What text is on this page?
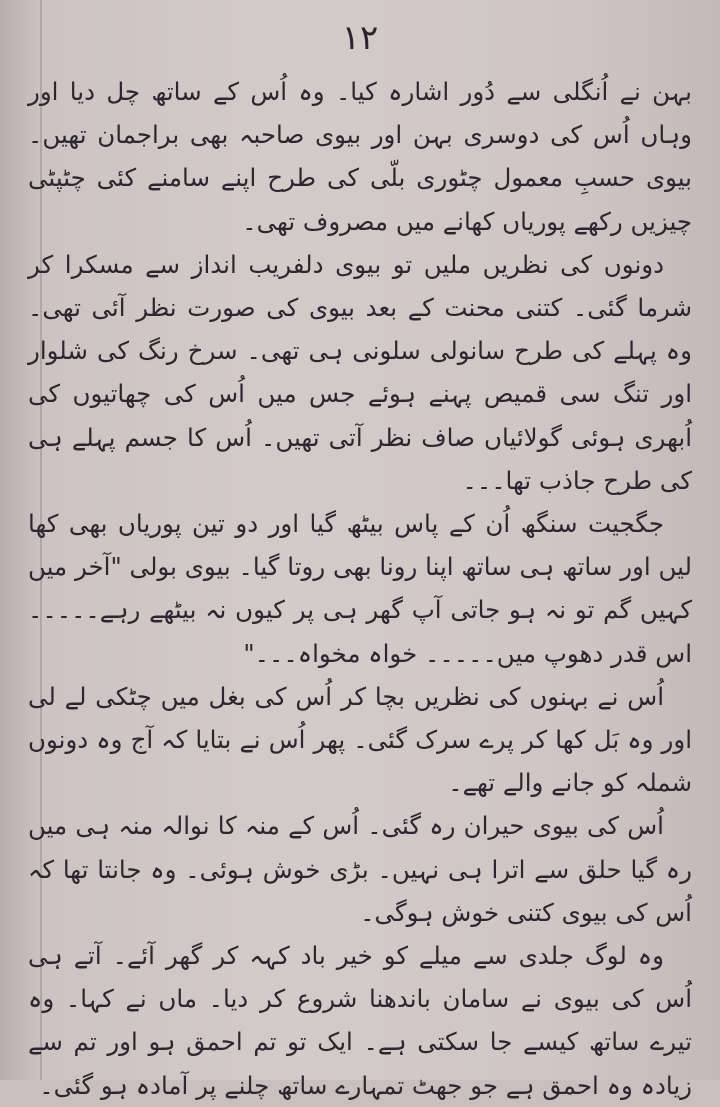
۱۲

بہن نے اُنگلی سے دُور اشارہ کیا۔ وہ اُس کے ساتھ چل دیا اور وہاں اُس کی دوسری بہن اور بیوی صاحبہ بھی براجمان تھیں۔ بیوی حسبِ معمول چٹوری بلّی کی طرح اپنے سامنے کئی چٹپٹی چیزیں رکھے پوریاں کھانے میں مصروف تھی۔

دونوں کی نظریں ملیں تو بیوی دلفریب انداز سے مسکرا کر شرما گئی۔ کتنی محنت کے بعد بیوی کی صورت نظر آئی تھی۔ وہ پہلے کی طرح سانولی سلونی ہی تھی۔ سرخ رنگ کی شلوار اور تنگ سی قمیص پہنے ہوئے جس میں اُس کی چھاتیوں کی اُبھری ہوئی گولائیاں صاف نظر آتی تھیں۔ اُس کا جسم پہلے ہی کی طرح جاذب تھا۔۔۔

جگجیت سنگھ اُن کے پاس بیٹھ گیا اور دو تین پوریاں بھی کھا لیں اور ساتھ ہی ساتھ اپنا رونا بھی روتا گیا۔ بیوی بولی "آخر میں کہیں گم تو نہ ہو جاتی آپ گھر ہی پر کیوں نہ بیٹھے رہے۔۔۔۔۔ اس قدر دھوپ میں۔۔۔۔۔ خواہ مخواہ۔۔۔"

اُس نے بہنوں کی نظریں بچا کر اُس کی بغل میں چٹکی لے لی اور وہ بَل کھا کر پرے سرک گئی۔ پھر اُس نے بتایا کہ آج وہ دونوں شملہ کو جانے والے تھے۔

اُس کی بیوی حیران رہ گئی۔ اُس کے منہ کا نوالہ منہ ہی میں رہ گیا حلق سے اترا ہی نہیں۔ بڑی خوش ہوئی۔ وہ جانتا تھا کہ اُس کی بیوی کتنی خوش ہوگی۔

وہ لوگ جلدی سے میلے کو خیر باد کہہ کر گھر آئے۔ آتے ہی اُس کی بیوی نے سامان باندھنا شروع کر دیا۔ ماں نے کہا۔ وہ تیرے ساتھ کیسے جا سکتی ہے۔ ایک تو تم احمق ہو اور تم سے زیادہ وہ احمق ہے جو جھٹ تمہارے ساتھ چلنے پر آمادہ ہو گئی۔
